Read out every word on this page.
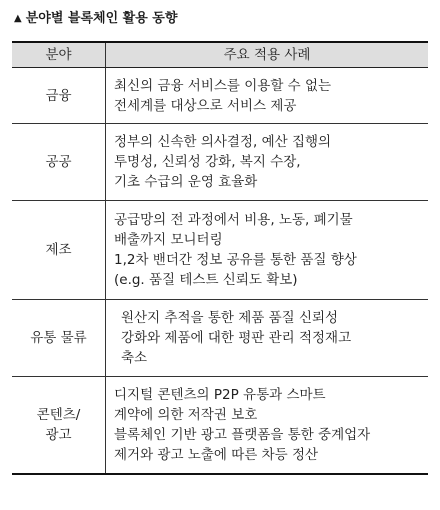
▲ 분야별 블록체인 활용 동향
분야	주요 적용 사례
금융
최신의 금융 서비스를 이용할 수 없는
전세계를 대상으로 서비스 제공
공공
정부의 신속한 의사결정, 예산 집행의
투명성, 신뢰성 강화, 복지 수장,
기초 수급의 운영 효율화
제조
공급망의 전 과정에서 비용, 노동, 폐기물
배출까지 모니터링
1,2차 밴더간 정보 공유를 통한 품질 향상
(e.g. 품질 테스트 신뢰도 확보)
유통 물류
원산지 추적을 통한 제품 품질 신뢰성
강화와 제품에 대한 평판 관리 적정재고
축소
콘텐츠/
광고
디지털 콘텐츠의 P2P 유통과 스마트
계약에 의한 저작권 보호
블록체인 기반 광고 플랫폼을 통한 중계업자
제거와 광고 노출에 따른 차등 정산
